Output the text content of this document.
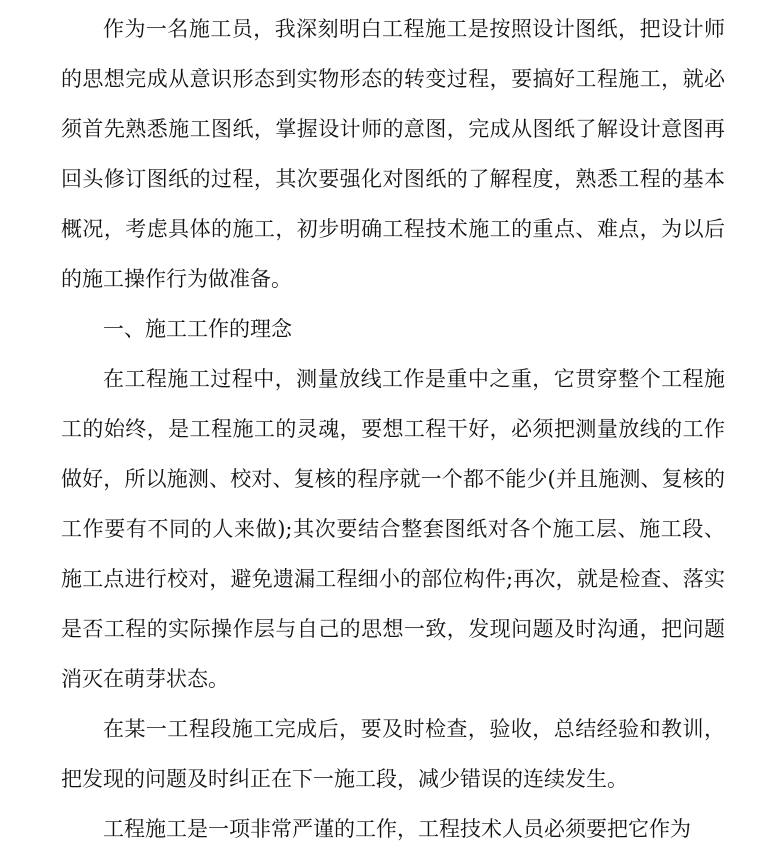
作为一名施工员，我深刻明白工程施工是按照设计图纸，把设计师的思想完成从意识形态到实物形态的转变过程，要搞好工程施工，就必须首先熟悉施工图纸，掌握设计师的意图，完成从图纸了解设计意图再回头修订图纸的过程，其次要强化对图纸的了解程度，熟悉工程的基本概况，考虑具体的施工，初步明确工程技术施工的重点、难点，为以后的施工操作行为做准备。

一、施工工作的理念

在工程施工过程中，测量放线工作是重中之重，它贯穿整个工程施工的始终，是工程施工的灵魂，要想工程干好，必须把测量放线的工作做好，所以施测、校对、复核的程序就一个都不能少(并且施测、复核的工作要有不同的人来做);其次要结合整套图纸对各个施工层、施工段、施工点进行校对，避免遗漏工程细小的部位构件;再次，就是检查、落实是否工程的实际操作层与自己的思想一致，发现问题及时沟通，把问题消灭在萌芽状态。

在某一工程段施工完成后，要及时检查，验收，总结经验和教训，把发现的问题及时纠正在下一施工段，减少错误的连续发生。

工程施工是一项非常严谨的工作，工程技术人员必须要把它作为
